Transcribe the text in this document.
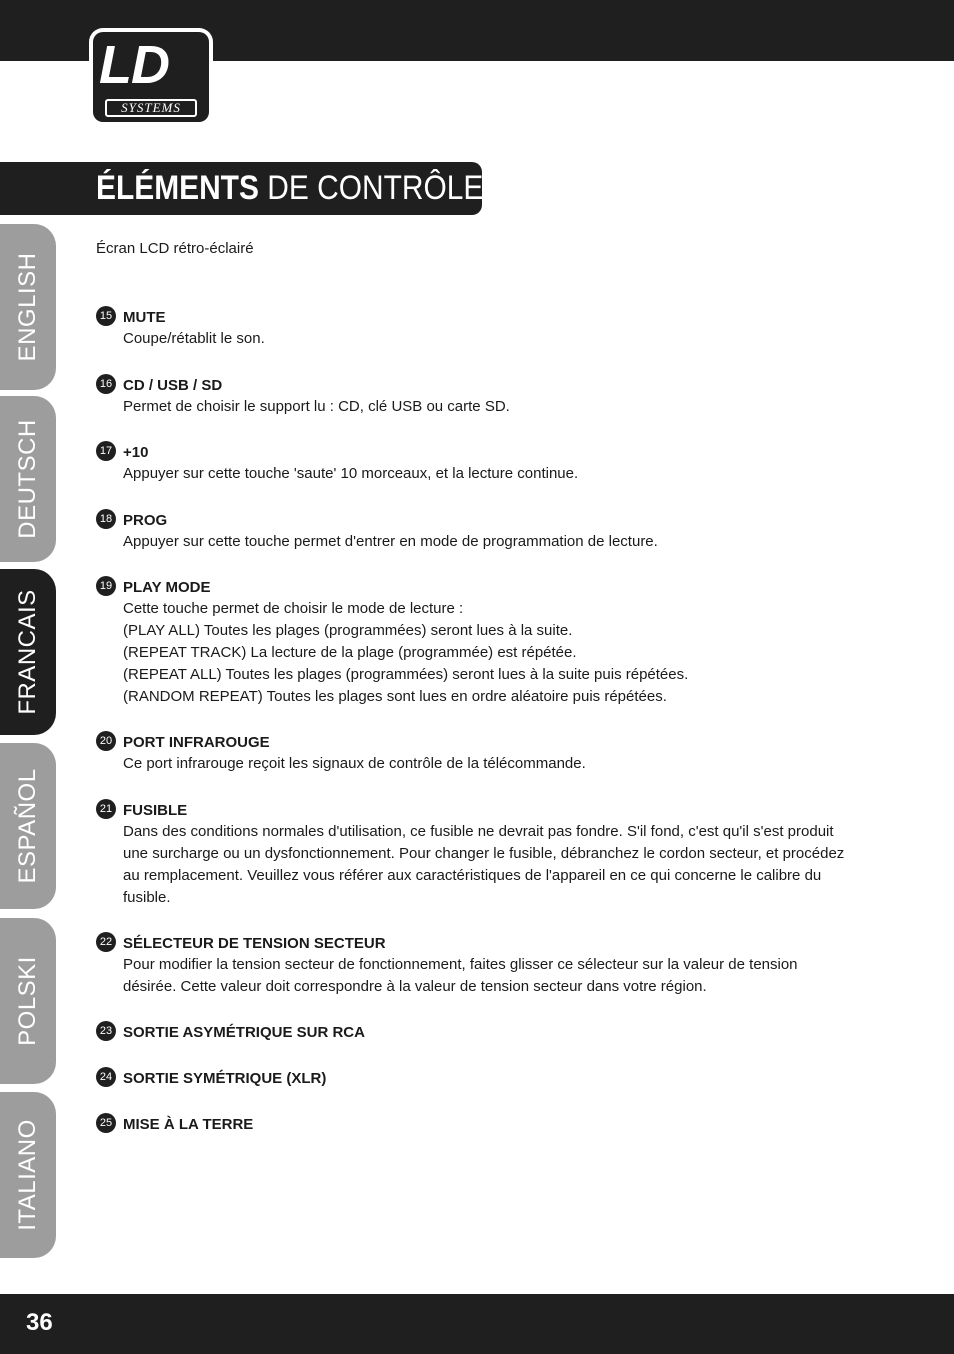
LD
SYSTEMS
ÉLÉMENTS DE CONTRÔLE :
ENGLISH
DEUTSCH
FRANCAIS
ESPAÑOL
POLSKI
ITALIANO
Écran LCD rétro-éclairé
15 MUTE
Coupe/rétablit le son.
16 CD / USB / SD
Permet de choisir le support lu : CD, clé USB ou carte SD.
17 +10
Appuyer sur cette touche 'saute' 10 morceaux, et la lecture continue.
18 PROG
Appuyer sur cette touche permet d'entrer en mode de programmation de lecture.
19 PLAY MODE
Cette touche permet de choisir le mode de lecture :
(PLAY ALL) Toutes les plages (programmées) seront lues à la suite.
(REPEAT TRACK) La lecture de la plage (programmée) est répétée.
(REPEAT ALL) Toutes les plages (programmées) seront lues à la suite puis répétées.
(RANDOM REPEAT) Toutes les plages sont lues en ordre aléatoire puis répétées.
20 PORT INFRAROUGE
Ce port infrarouge reçoit les signaux de contrôle de la télécommande.
21 FUSIBLE
Dans des conditions normales d'utilisation, ce fusible ne devrait pas fondre. S'il fond, c'est qu'il s'est produit
une surcharge ou un dysfonctionnement. Pour changer le fusible, débranchez le cordon secteur, et procédez
au remplacement. Veuillez vous référer aux caractéristiques de l'appareil en ce qui concerne le calibre du
fusible.
22 SÉLECTEUR DE TENSION SECTEUR
Pour modifier la tension secteur de fonctionnement, faites glisser ce sélecteur sur la valeur de tension
désirée. Cette valeur doit correspondre à la valeur de tension secteur dans votre région.
23 SORTIE ASYMÉTRIQUE SUR RCA
24 SORTIE SYMÉTRIQUE (XLR)
25 MISE À LA TERRE
36
